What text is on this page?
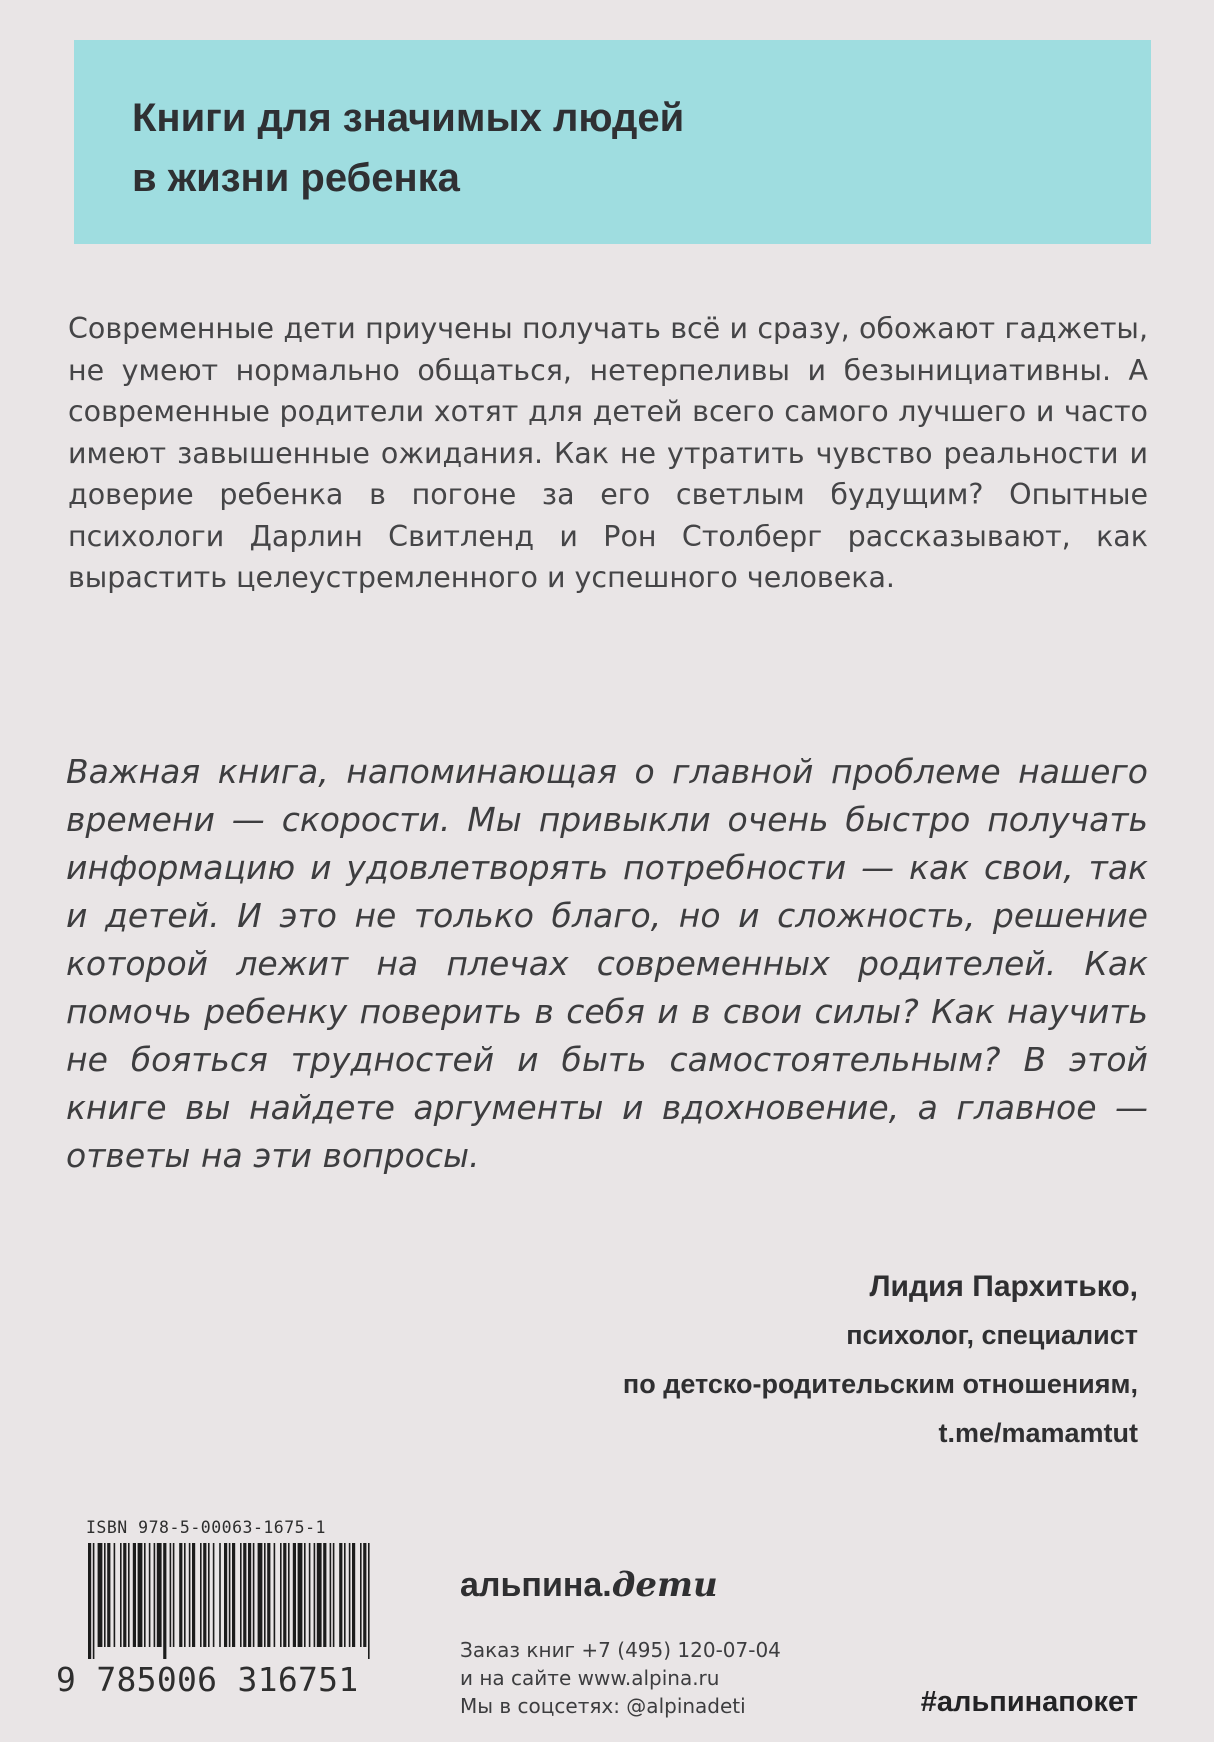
Книги для значимых людей
в жизни ребенка

Современные дети приучены получать всё и сразу, обожают гаджеты, не умеют нормально общаться, нетерпеливы и безынициативны. А современные родители хотят для детей всего самого лучшего и часто имеют завышенные ожидания. Как не утратить чувство реальности и доверие ребенка в погоне за его светлым будущим? Опытные психологи Дарлин Свитленд и Рон Столберг рассказывают, как вырастить целеустремленного и успешного человека.

Важная книга, напоминающая о главной проблеме нашего времени — скорости. Мы привыкли очень быстро получать информацию и удовлетворять потребности — как свои, так и детей. И это не только благо, но и сложность, решение которой лежит на плечах современных родителей. Как помочь ребенку поверить в себя и в свои силы? Как научить не бояться трудностей и быть самостоятельным? В этой книге вы найдете аргументы и вдохновение, а главное — ответы на эти вопросы.

Лидия Пархитько,
психолог, специалист
по детско-родительским отношениям,
t.me/mamamtut
ISBN 978-5-00063-1675-1
9 785006 316751
альпина.дети
Заказ книг +7 (495) 120-07-04
и на сайте www.alpina.ru
Мы в соцсетях: @alpinadeti	#альпинапокет
